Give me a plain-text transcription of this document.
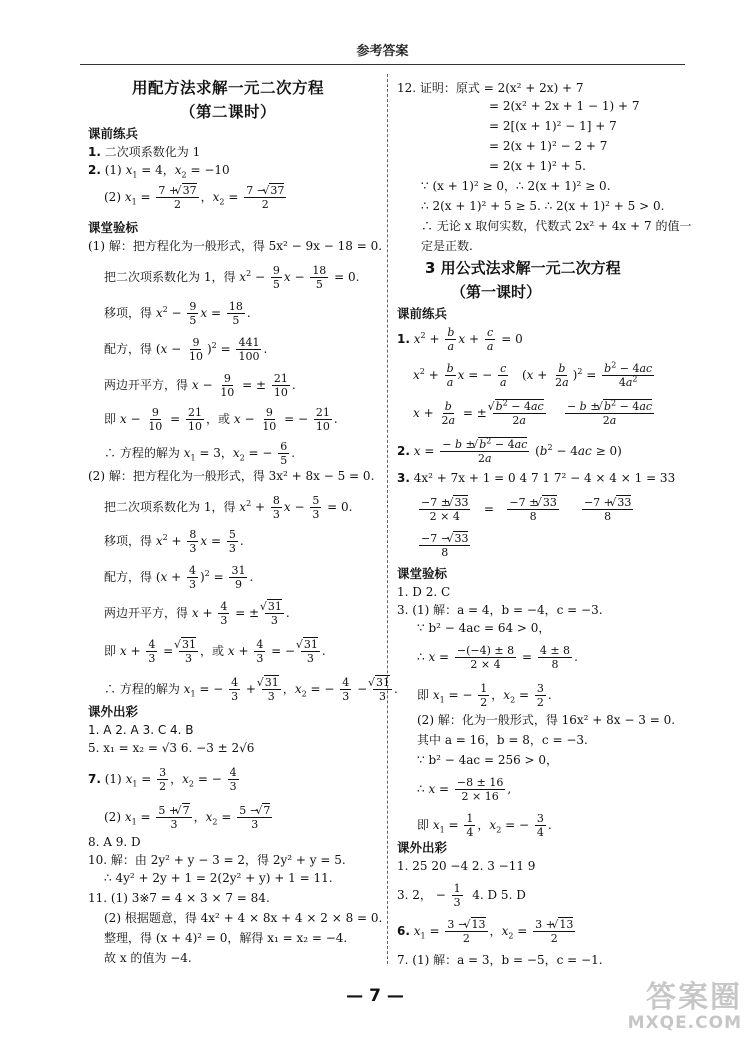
参考答案
用配方法求解一元二次方程
（第二课时）
课前练兵
1. 二次项系数化为 1
2. (1) $x_1 = 4$，$x_2 = -10$
(2) $x_1 = \frac{7 + √ 37}{2}$ ，$x_2 = \frac{7 - √ 37}{2}$
课堂验标
(1) 解：把方程化为一般形式，得 5x² − 9x − 18 = 0.
把二次项系数化为 1，得 $x^2 - \frac{9}{5}$ $x - \frac{18}{5} = 0$.
移项，得 $x^2 - \frac{9}{5}$ $x = \frac{18}{5}$ .
配方，得 $(x - \frac{9}{10} )^2 = \frac{441}{100}$ .
两边开平方，得 $x - \frac{9}{10}$ = ± $\frac{21}{10}$ .
即 $x - \frac{9}{10} = \frac{21}{10}$ ，或 $x - \frac{9}{10}$ = − $\frac{21}{10}$ .
∴ 方程的解为 $x_1 = 3$，$x_2$ = − $\frac{6}{5}$ .
(2) 解：把方程化为一般形式，得 3x² + 8x − 5 = 0.
把二次项系数化为 1，得 $x^2 + \frac{8}{3}$ $x - \frac{5}{3} = 0$.
移项，得 $x^2 + \frac{8}{3}$ $x = \frac{5}{3}$ .
配方，得 $(x + \frac{4}{3} )^2 = \frac{31}{9}$ .
两边开平方，得 $x + \frac{4}{3}$ = ± √ $\frac{31}{3}$ .
即 $x + \frac{4}{3}$ = √ $\frac{31}{3}$ ，或 $x + \frac{4}{3}$ = − √ $\frac{31}{3}$ .
∴ 方程的解为 $x_1$ = − $\frac{4}{3}$ + √ $\frac{31}{3}$ ，$x_2$ = − $\frac{4}{3}$ − √ $\frac{31}{3}$ .
课外出彩
1. A 2. A 3. C 4. B
5. x₁ = x₂ = √3 6. −3 ± 2√6
7. (1) $x_1 = \frac{3}{2}$ ，$x_2$ = − $\frac{4}{3}$
(2) $x_1 = \frac{5 + √ 7}{3}$ ，$x_2 = \frac{5 - √ 7}{3}$
8. A 9. D
10. 解：由 2y² + y − 3 = 2，得 2y² + y = 5.
∴ 4y² + 2y + 1 = 2(2y² + y) + 1 = 11.
11. (1) 3※7 = 4 × 3 × 7 = 84.
(2) 根据题意，得 4x² + 4 × 8x + 4 × 2 × 8 = 0.
整理，得 (x + 4)² = 0，解得 x₁ = x₂ = −4.
故 x 的值为 −4.
12. 证明：原式 = 2(x² + 2x) + 7
= 2(x² + 2x + 1 − 1) + 7
= 2[(x + 1)² − 1] + 7
= 2(x + 1)² − 2 + 7
= 2(x + 1)² + 5.
∵ (x + 1)² ≥ 0，∴ 2(x + 1)² ≥ 0.
∴ 2(x + 1)² + 5 ≥ 5. ∴ 2(x + 1)² + 5 > 0.
∴ 无论 x 取何实数，代数式 2x² + 4x + 7 的值一
定是正数.
3 用公式法求解一元二次方程
（第一课时）
课前练兵
1. $x^2 + \frac{b}{a}$ $x + \frac{c}{a} = 0$
$x^2 + \frac{b}{a}$ x = − $\frac{c}{a} (x + \frac{b}{2a} )^2 = \frac{b^2 - 4ac}{4a^2}$
$x + \frac{b}{2a}$ = ± √ $\frac{b^2 - 4ac}{2a}$
$\frac{- b \pm √ b^2 - 4ac}{2a}$
2. $x = \frac{- b \pm √ b^2 - 4ac}{2a} (b^2 - 4ac \ge 0)$
3. 4x² + 7x + 1 = 0 4 7 1 7² − 4 × 4 × 1 = 33
$\frac{-7 \pm √ 33}{2 \times 4} = \frac{-7 \pm √ 33}{8}$
$\frac{-7 + √ 33}{8}$
$\frac{-7 - √ 33}{8}$
课堂验标
1. D 2. C
3. (1) 解：a = 4，b = −4，c = −3.
∵ b² − 4ac = 64 > 0，
∴ $x = \frac{-(-4) \pm 8}{2 \times 4} = \frac{4 \pm 8}{8}$ .
即 $x_1$ = − $\frac{1}{2}$ ，$x_2 = \frac{3}{2}$ .
(2) 解：化为一般形式，得 16x² + 8x − 3 = 0.
其中 a = 16，b = 8，c = −3.
∵ b² − 4ac = 256 > 0，
∴ $x = \frac{-8 \pm 16}{2 \times 16}$ ,
即 $x_1 = \frac{1}{4}$ ，$x_2$ = − $\frac{3}{4}$ .
课外出彩
1. 25 20 −4 2. 3 −11 9
3. 2， − $\frac{1}{3} 4$. D 5. D
6. $x_1 = \frac{3 - √ 13}{2}$ ，$x_2 = \frac{3 + √ 13}{2}$
7. (1) 解：a = 3，b = −5，c = −1.
— 7 —	答案圈
MXQE.COM
